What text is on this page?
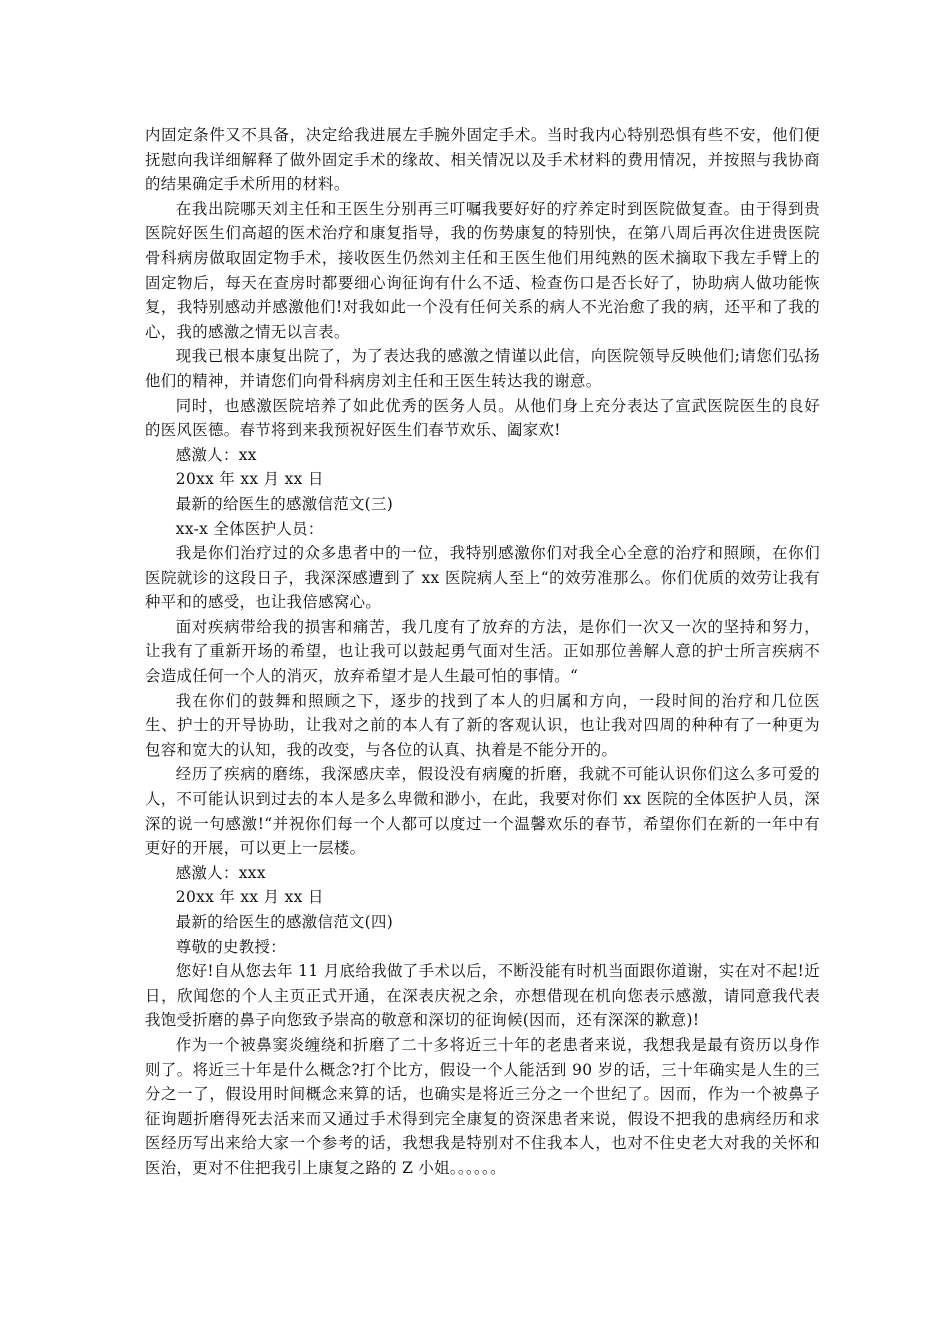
内固定条件又不具备，决定给我进展左手腕外固定手术。当时我内心特别恐惧有些不安，他们便抚慰向我详细解释了做外固定手术的缘故、相关情况以及手术材料的费用情况，并按照与我协商的结果确定手术所用的材料。

在我出院哪天刘主任和王医生分别再三叮嘱我要好好的疗养定时到医院做复查。由于得到贵医院好医生们高超的医术治疗和康复指导，我的伤势康复的特别快，在第八周后再次住进贵医院骨科病房做取固定物手术，接收医生仍然刘主任和王医生他们用纯熟的医术摘取下我左手臂上的固定物后，每天在查房时都要细心询征询有什么不适、检查伤口是否长好了，协助病人做功能恢复，我特别感动并感激他们!对我如此一个没有任何关系的病人不光治愈了我的病，还平和了我的心，我的感激之情无以言表。

现我已根本康复出院了，为了表达我的感激之情谨以此信，向医院领导反映他们;请您们弘扬他们的精神，并请您们向骨科病房刘主任和王医生转达我的谢意。

同时，也感激医院培养了如此优秀的医务人员。从他们身上充分表达了宣武医院医生的良好的医风医德。春节将到来我预祝好医生们春节欢乐、阖家欢!

感激人：xx

20xx 年 xx 月 xx 日

最新的给医生的感激信范文(三)

xx-x 全体医护人员：

我是你们治疗过的众多患者中的一位，我特别感激你们对我全心全意的治疗和照顾，在你们医院就诊的这段日子，我深深感遭到了 xx 医院病人至上“的效劳准那么。你们优质的效劳让我有种平和的感受，也让我倍感窝心。

面对疾病带给我的损害和痛苦，我几度有了放弃的方法，是你们一次又一次的坚持和努力，让我有了重新开场的希望，也让我可以鼓起勇气面对生活。正如那位善解人意的护士所言疾病不会造成任何一个人的消灭，放弃希望才是人生最可怕的事情。“

我在你们的鼓舞和照顾之下，逐步的找到了本人的归属和方向，一段时间的治疗和几位医生、护士的开导协助，让我对之前的本人有了新的客观认识，也让我对四周的种种有了一种更为包容和宽大的认知，我的改变，与各位的认真、执着是不能分开的。

经历了疾病的磨练，我深感庆幸，假设没有病魔的折磨，我就不可能认识你们这么多可爱的人，不可能认识到过去的本人是多么卑微和渺小，在此，我要对你们 xx 医院的全体医护人员，深深的说一句感激!“并祝你们每一个人都可以度过一个温馨欢乐的春节，希望你们在新的一年中有更好的开展，可以更上一层楼。

感激人：xxx

20xx 年 xx 月 xx 日

最新的给医生的感激信范文(四)

尊敬的史教授：

您好!自从您去年 11 月底给我做了手术以后，不断没能有时机当面跟你道谢，实在对不起!近日，欣闻您的个人主页正式开通，在深表庆祝之余，亦想借现在机向您表示感激，请同意我代表我饱受折磨的鼻子向您致予崇高的敬意和深切的征询候(因而，还有深深的歉意)!

作为一个被鼻窦炎缠绕和折磨了二十多将近三十年的老患者来说，我想我是最有资历以身作则了。将近三十年是什么概念?打个比方，假设一个人能活到 90 岁的话，三十年确实是人生的三分之一了，假设用时间概念来算的话，也确实是将近三分之一个世纪了。因而，作为一个被鼻子征询题折磨得死去活来而又通过手术得到完全康复的资深患者来说，假设不把我的患病经历和求医经历写出来给大家一个参考的话，我想我是特别对不住我本人，也对不住史老大对我的关怀和医治，更对不住把我引上康复之路的 Z 小姐。。。。。。
